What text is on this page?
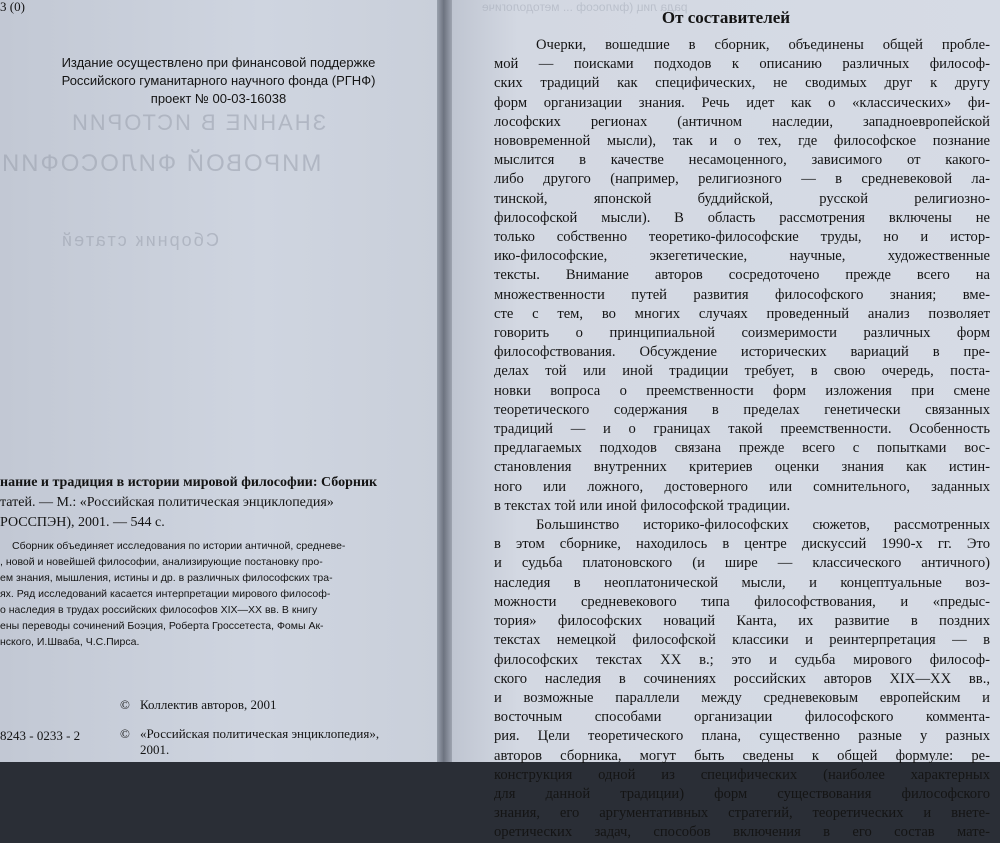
3 (0)
ЗНАНИЕ В ИСТОРИИ
МИРОВОЙ ФИЛОСОФИИ
Сборник статей
Издание осуществлено при финансовой поддержке
Российского гуманитарного научного фонда (РГНФ)
проект № 00-03-16038
нание и традиция в истории мировой философии: Сборник
татей. — М.: «Российская политическая энциклопедия»
РОССПЭН), 2001. — 544 с.
Сборник объединяет исследования по истории античной, средневе-
, новой и новейшей философии, анализирующие постановку про-
ем знания, мышления, истины и др. в различных философских тра-
ях. Ряд исследований касается интерпретации мирового философ-
о наследия в трудах российских философов XIX—XX вв. В книгу
ены переводы сочинений Боэция, Роберта Гроссетеста, Фомы Ак-
нского, И.Шваба, Ч.С.Пирса.
© Коллектив авторов, 2001
© «Российская политическая энциклопедия»,
2001.
8243 - 0233 - 2
рада лиц (философ ... методологиче
От составителей
Очерки, вошедшие в сборник, объединены общей пробле-
мой — поисками подходов к описанию различных философ-
ских традиций как специфических, не сводимых друг к другу
форм организации знания. Речь идет как о «классических» фи-
лософских регионах (античном наследии, западноевропейской
нововременной мысли), так и о тех, где философское познание
мыслится в качестве несамоценного, зависимого от какого-
либо другого (например, религиозного — в средневековой ла-
тинской, японской буддийской, русской религиозно-
философской мысли). В область рассмотрения включены не
только собственно теоретико-философские труды, но и истор-
ико-философские, экзегетические, научные, художественные
тексты. Внимание авторов сосредоточено прежде всего на
множественности путей развития философского знания; вме-
сте с тем, во многих случаях проведенный анализ позволяет
говорить о принципиальной соизмеримости различных форм
философствования. Обсуждение исторических вариаций в пре-
делах той или иной традиции требует, в свою очередь, поста-
новки вопроса о преемственности форм изложения при смене
теоретического содержания в пределах генетически связанных
традиций — и о границах такой преемственности. Особенность
предлагаемых подходов связана прежде всего с попытками вос-
становления внутренних критериев оценки знания как истин-
ного или ложного, достоверного или сомнительного, заданных
в текстах той или иной философской традиции.
Большинство историко-философских сюжетов, рассмотренных
в этом сборнике, находилось в центре дискуссий 1990-х гг. Это
и судьба платоновского (и шире — классического античного)
наследия в неоплатонической мысли, и концептуальные воз-
можности средневекового типа философствования, и «предыс-
тория» философских новаций Канта, их развитие в поздних
текстах немецкой философской классики и реинтерпретация — в
философских текстах XX в.; это и судьба мирового философ-
ского наследия в сочинениях российских авторов XIX—XX вв.,
и возможные параллели между средневековым европейским и
восточным способами организации философского коммента-
рия. Цели теоретического плана, существенно разные у разных
авторов сборника, могут быть сведены к общей формуле: ре-
конструкция одной из специфических (наиболее характерных
для данной традиции) форм существования философского
знания, его аргументативных стратегий, теоретических и внете-
оретических задач, способов включения в его состав мате-
